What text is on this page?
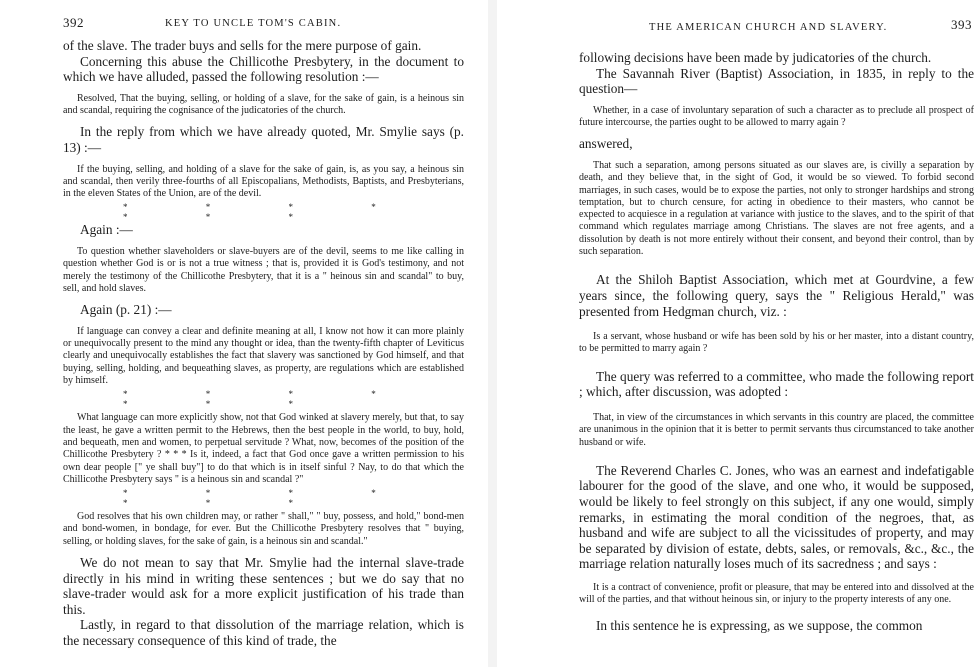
392	KEY TO UNCLE TOM'S CABIN.

of the slave. The trader buys and sells for the mere purpose of gain.

Concerning this abuse the Chillicothe Presbytery, in the document to which we have alluded, passed the following resolution :—

Resolved, That the buying, selling, or holding of a slave, for the sake of gain, is a heinous sin and scandal, requiring the cognisance of the judicatories of the church.

In the reply from which we have already quoted, Mr. Smylie says (p. 13) :—

If the buying, selling, and holding of a slave for the sake of gain, is, as you say, a heinous sin and scandal, then verily three-fourths of all Episcopalians, Methodists, Baptists, and Presbyterians, in the eleven States of the Union, are of the devil.

* * * * * * *

Again :—

To question whether slaveholders or slave-buyers are of the devil, seems to me like calling in question whether God is or is not a true witness ; that is, provided it is God's testimony, and not merely the testimony of the Chillicothe Presbytery, that it is a " heinous sin and scandal" to buy, sell, and hold slaves.

Again (p. 21) :—

If language can convey a clear and definite meaning at all, I know not how it can more plainly or unequivocally present to the mind any thought or idea, than the twenty-fifth chapter of Leviticus clearly and unequivocally establishes the fact that slavery was sanctioned by God himself, and that buying, selling, holding, and bequeathing slaves, as property, are regulations which are established by himself.

* * * * * * *

What language can more explicitly show, not that God winked at slavery merely, but that, to say the least, he gave a written permit to the Hebrews, then the best people in the world, to buy, hold, and bequeath, men and women, to perpetual servitude ? What, now, becomes of the position of the Chillicothe Presbytery ? * * * Is it, indeed, a fact that God once gave a written permission to his own dear people [" ye shall buy"] to do that which is in itself sinful ? Nay, to do that which the Chillicothe Presbytery says " is a heinous sin and scandal ?"

* * * * * * *

God resolves that his own children may, or rather " shall," " buy, possess, and hold," bond-men and bond-women, in bondage, for ever. But the Chillicothe Presbytery resolves that " buying, selling, or holding slaves, for the sake of gain, is a heinous sin and scandal."

We do not mean to say that Mr. Smylie had the internal slave-trade directly in his mind in writing these sentences ; but we do say that no slave-trader would ask for a more explicit justification of his trade than this.

Lastly, in regard to that dissolution of the marriage relation, which is the necessary consequence of this kind of trade, the

THE AMERICAN CHURCH AND SLAVERY.	393

following decisions have been made by judicatories of the church.

The Savannah River (Baptist) Association, in 1835, in reply to the question—

Whether, in a case of involuntary separation of such a character as to preclude all prospect of future intercourse, the parties ought to be allowed to marry again ?

answered,

That such a separation, among persons situated as our slaves are, is civilly a separation by death, and they believe that, in the sight of God, it would be so viewed. To forbid second marriages, in such cases, would be to expose the parties, not only to stronger hardships and strong temptation, but to church censure, for acting in obedience to their masters, who cannot be expected to acquiesce in a regulation at variance with justice to the slaves, and to the spirit of that command which regulates marriage among Christians. The slaves are not free agents, and a dissolution by death is not more entirely without their consent, and beyond their control, than by such separation.

At the Shiloh Baptist Association, which met at Gourdvine, a few years since, the following query, says the " Religious Herald," was presented from Hedgman church, viz. :

Is a servant, whose husband or wife has been sold by his or her master, into a distant country, to be permitted to marry again ?

The query was referred to a committee, who made the following report ; which, after discussion, was adopted :

That, in view of the circumstances in which servants in this country are placed, the committee are unanimous in the opinion that it is better to permit servants thus circumstanced to take another husband or wife.

The Reverend Charles C. Jones, who was an earnest and indefatigable labourer for the good of the slave, and one who, it would be supposed, would be likely to feel strongly on this subject, if any one would, simply remarks, in estimating the moral condition of the negroes, that, as husband and wife are subject to all the vicissitudes of property, and may be separated by division of estate, debts, sales, or removals, &c., &c., the marriage relation naturally loses much of its sacredness ; and says :

It is a contract of convenience, profit or pleasure, that may be entered into and dissolved at the will of the parties, and that without heinous sin, or injury to the property interests of any one.

In this sentence he is expressing, as we suppose, the common
